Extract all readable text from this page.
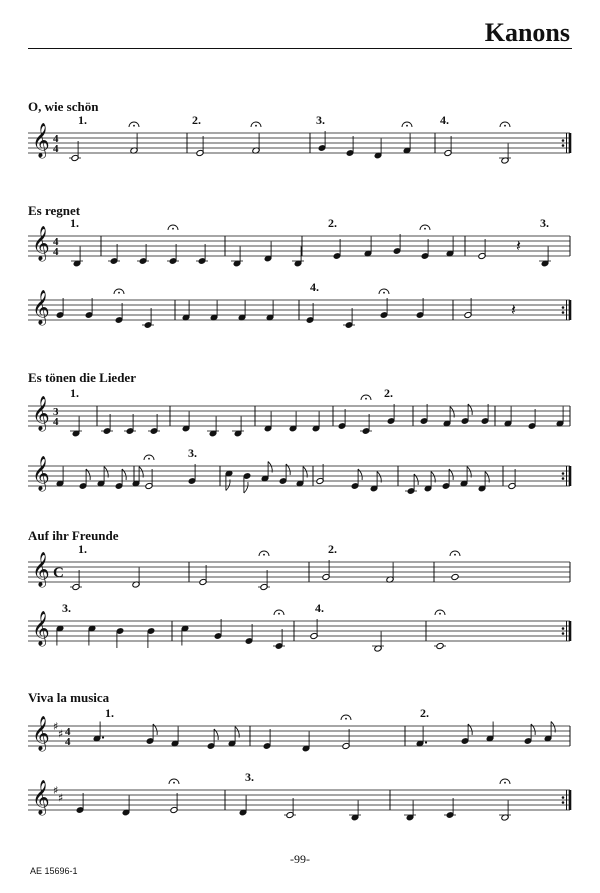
Kanons
O, wie schön
Es regnet
Es tönen die Lieder
Auf ihr Freunde
Viva la musica
𝄞 4
4
1.	2.	3.	4.
𝄞 4
4	𝄽
1.	2.	3.
𝄞	𝄽
4.
𝄞 3
4
1.	2.
𝄞
3.
𝄞 C
1.	2.
𝄞
3.	4.
𝄞 ♯
♯ 4
4
1.	2.
𝄞 ♯
♯
3.
-99-
AE 15696-1
